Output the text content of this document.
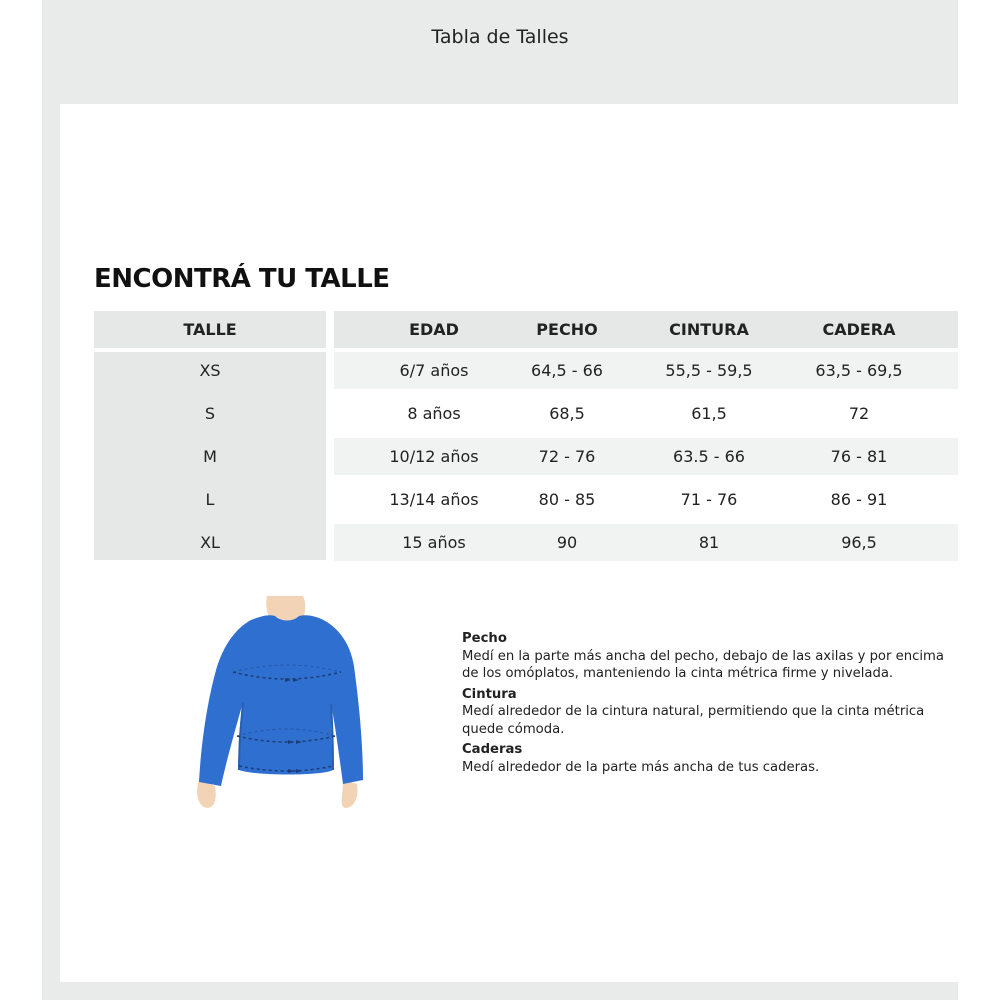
Tabla de Talles
ENCONTRÁ TU TALLE
TALLE	EDAD	PECHO	CINTURA	CADERA
XS	6/7 años	64,5 - 66	55,5 - 59,5	63,5 - 69,5
S	8 años	68,5	61,5	72
M	10/12 años	72 - 76	63.5 - 66	76 - 81
L	13/14 años	80 - 85	71 - 76	86 - 91
XL	15 años	90	81	96,5
Pecho

Medí en la parte más ancha del pecho, debajo de las axilas y por encima de los omóplatos, manteniendo la cinta métrica firme y nivelada.

Cintura

Medí alrededor de la cintura natural, permitiendo que la cinta métrica quede cómoda.

Caderas

Medí alrededor de la parte más ancha de tus caderas.
